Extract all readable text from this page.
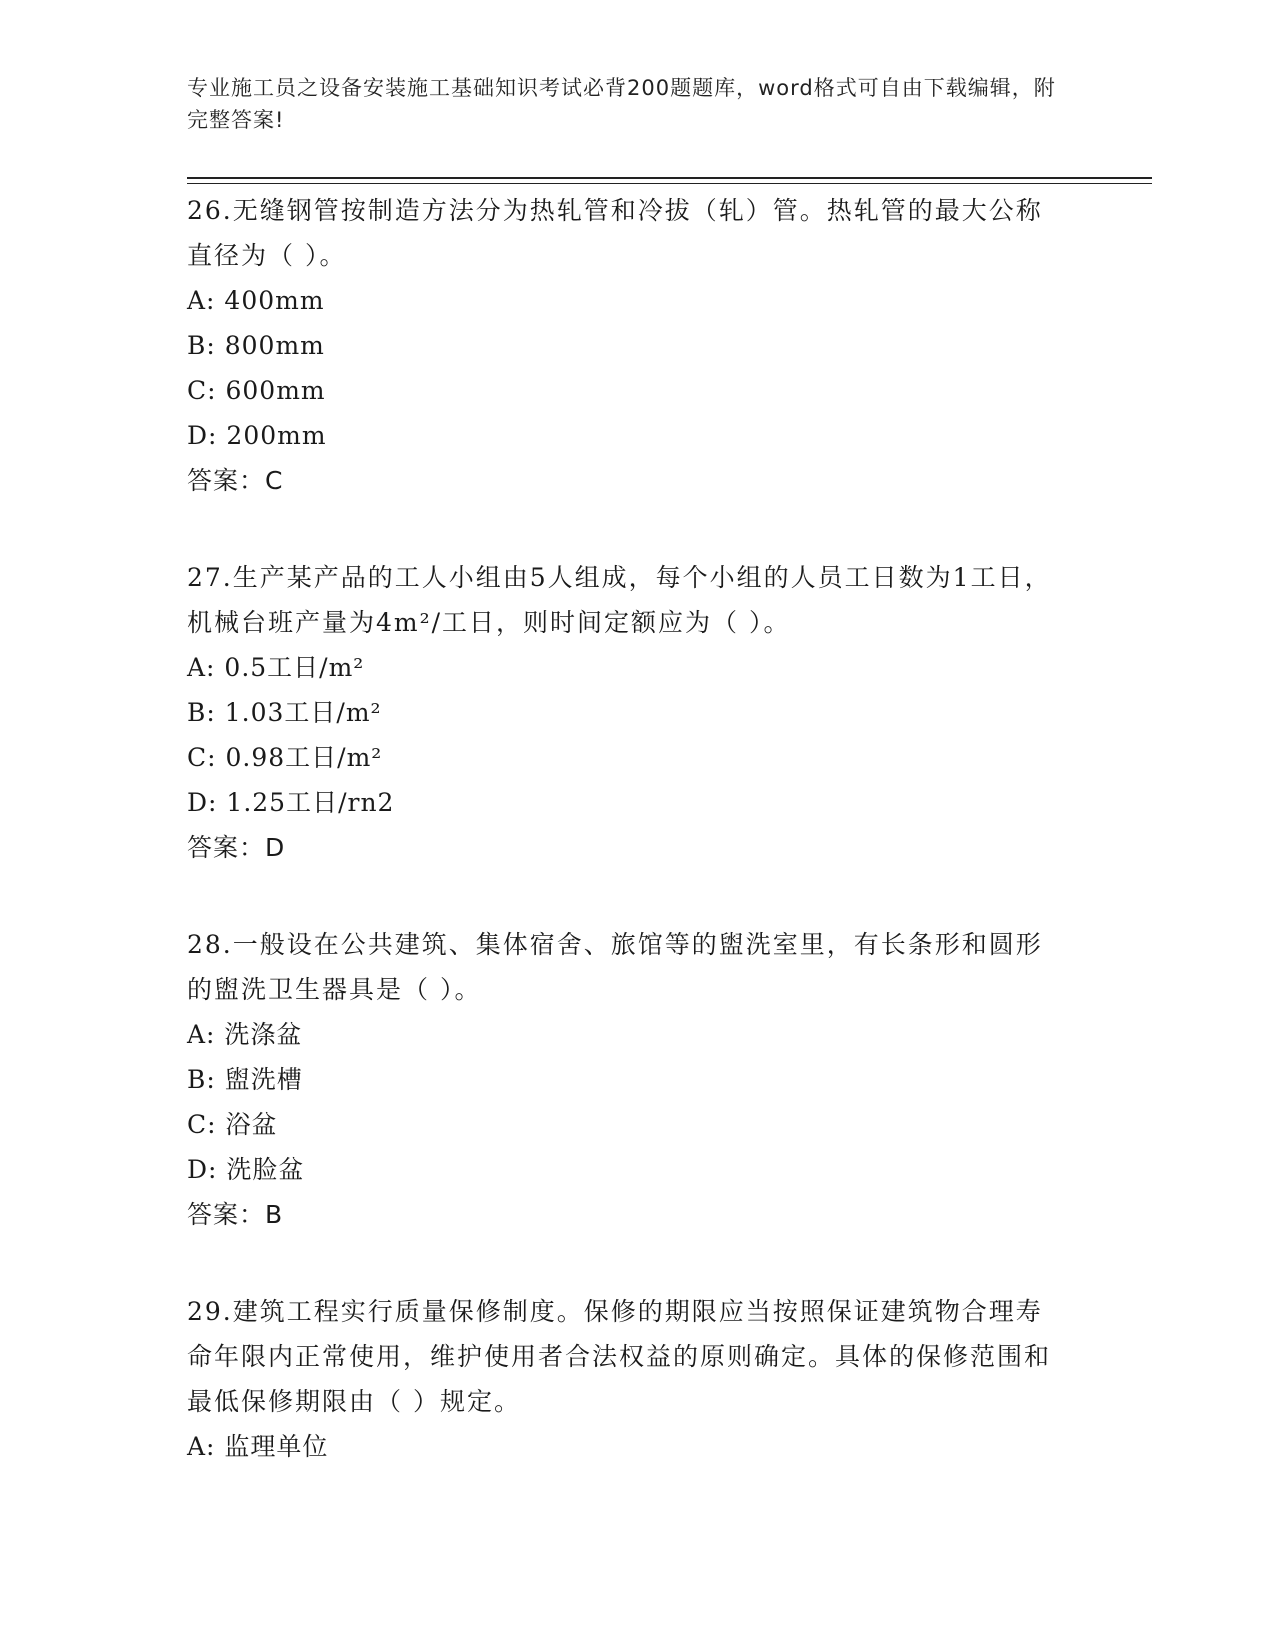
专业施工员之设备安装施工基础知识考试必背200题题库，word格式可自由下载编辑，附完整答案!
26.无缝钢管按制造方法分为热轧管和冷拔（轧）管。热轧管的最大公称直径为（ ）。
A: 400mm
B: 800mm
C: 600mm
D: 200mm
答案：C
27.生产某产品的工人小组由5人组成，每个小组的人员工日数为1工日，机械台班产量为4m²/工日，则时间定额应为（ ）。
A: 0.5工日/m²
B: 1.03工日/m²
C: 0.98工日/m²
D: 1.25工日/rn2
答案：D
28.一般设在公共建筑、集体宿舍、旅馆等的盥洗室里，有长条形和圆形的盥洗卫生器具是（ ）。
A: 洗涤盆
B: 盥洗槽
C: 浴盆
D: 洗脸盆
答案：B
29.建筑工程实行质量保修制度。保修的期限应当按照保证建筑物合理寿命年限内正常使用，维护使用者合法权益的原则确定。具体的保修范围和最低保修期限由（ ）规定。
A: 监理单位
